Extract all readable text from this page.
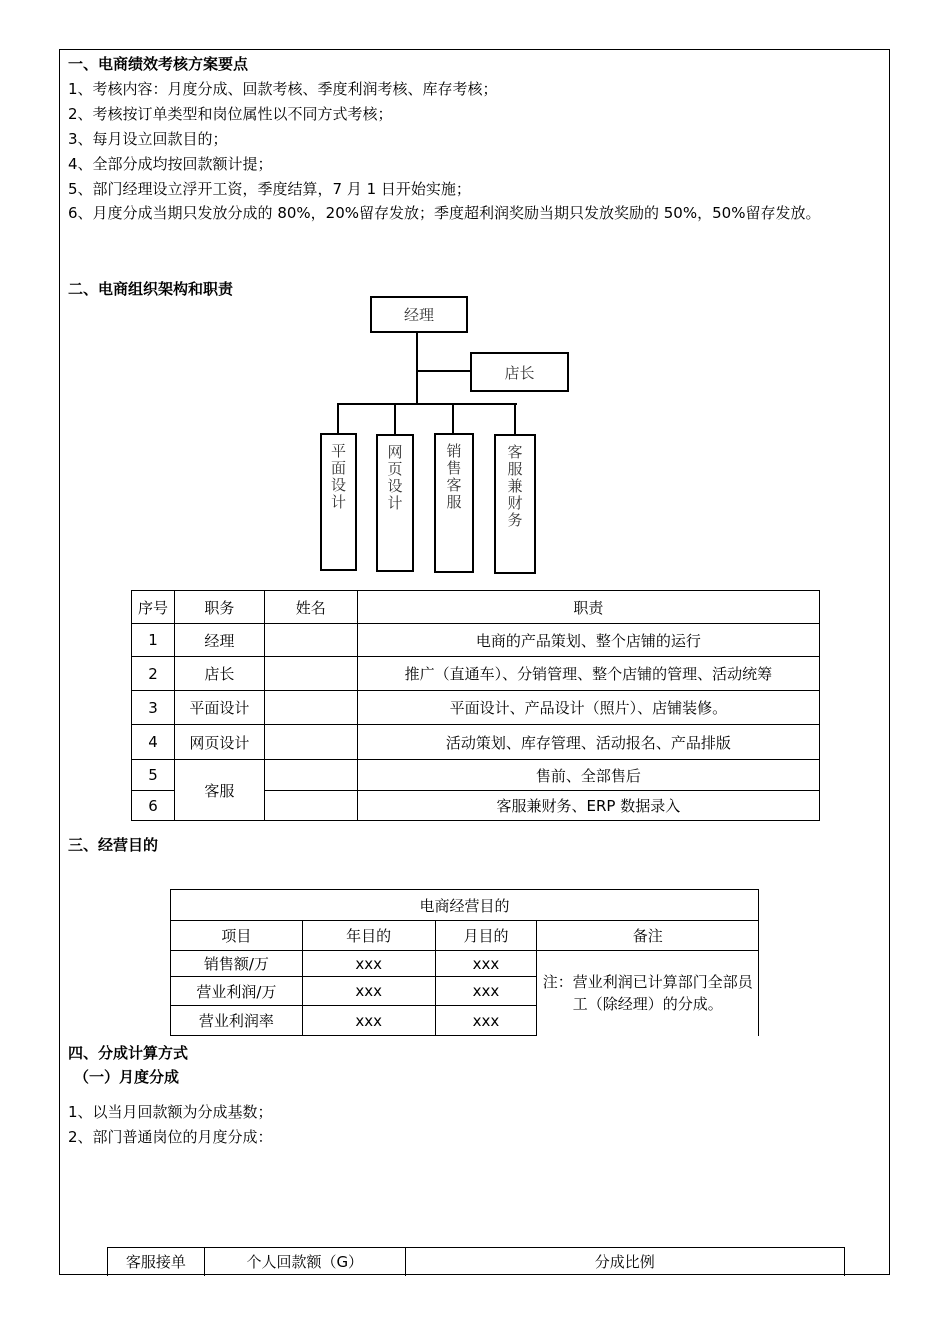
一、电商绩效考核方案要点
1、考核内容：月度分成、回款考核、季度利润考核、库存考核；
2、考核按订单类型和岗位属性以不同方式考核；
3、每月设立回款目的；
4、全部分成均按回款额计提；
5、部门经理设立浮开工资，季度结算，7 月 1 日开始实施；
6、月度分成当期只发放分成的 80%，20%留存发放；季度超利润奖励当期只发放奖励的 50%，50%留存发放。
二、电商组织架构和职责
经理
店长
平面设计	网页设计	销售客服	客服兼财务
序号	职务	姓名	职责
1	经理		电商的产品策划、整个店铺的运行
2	店长		推广（直通车）、分销管理、整个店铺的管理、活动统筹
3	平面设计		平面设计、产品设计（照片）、店铺装修。
4	网页设计		活动策划、库存管理、活动报名、产品排版
5	客服		售前、全部售后
6			客服兼财务、ERP 数据录入
三、经营目的
电商经营目的			
项目	年目的	月目的	备注
销售额/万	xxx	xxx	注：营业利润已计算部门全部员工（除经理）的分成。
营业利润/万	xxx	xxx	
营业利润率	xxx	xxx	
四、分成计算方式
（一）月度分成
1、以当月回款额为分成基数；
2、部门普通岗位的月度分成：
客服接单	个人回款额（G）	分成比例
